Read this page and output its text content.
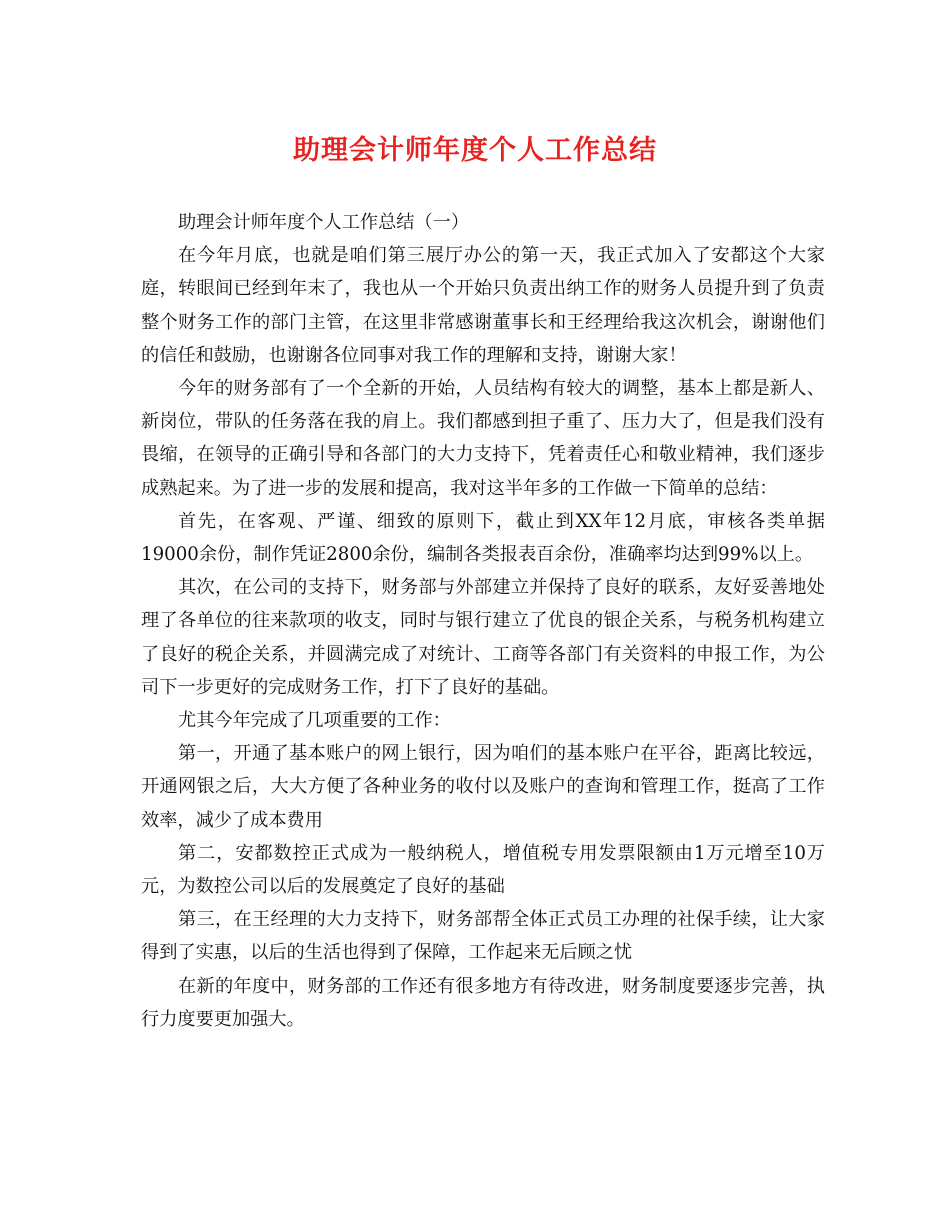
助理会计师年度个人工作总结

助理会计师年度个人工作总结（一）

在今年月底，也就是咱们第三展厅办公的第一天，我正式加入了安都这个大家庭，转眼间已经到年末了，我也从一个开始只负责出纳工作的财务人员提升到了负责整个财务工作的部门主管，在这里非常感谢董事长和王经理给我这次机会，谢谢他们的信任和鼓励，也谢谢各位同事对我工作的理解和支持，谢谢大家！

今年的财务部有了一个全新的开始，人员结构有较大的调整，基本上都是新人、新岗位，带队的任务落在我的肩上。我们都感到担子重了、压力大了，但是我们没有畏缩，在领导的正确引导和各部门的大力支持下，凭着责任心和敬业精神，我们逐步成熟起来。为了进一步的发展和提高，我对这半年多的工作做一下简单的总结：

首先，在客观、严谨、细致的原则下，截止到XX年12月底，审核各类单据19000余份，制作凭证2800余份，编制各类报表百余份，准确率均达到99%以上。

其次，在公司的支持下，财务部与外部建立并保持了良好的联系，友好妥善地处理了各单位的往来款项的收支，同时与银行建立了优良的银企关系，与税务机构建立了良好的税企关系，并圆满完成了对统计、工商等各部门有关资料的申报工作，为公司下一步更好的完成财务工作，打下了良好的基础。

尤其今年完成了几项重要的工作：

第一，开通了基本账户的网上银行，因为咱们的基本账户在平谷，距离比较远，开通网银之后，大大方便了各种业务的收付以及账户的查询和管理工作，挺高了工作效率，减少了成本费用

第二，安都数控正式成为一般纳税人，增值税专用发票限额由1万元增至10万元，为数控公司以后的发展奠定了良好的基础

第三，在王经理的大力支持下，财务部帮全体正式员工办理的社保手续，让大家得到了实惠，以后的生活也得到了保障，工作起来无后顾之忧

在新的年度中，财务部的工作还有很多地方有待改进，财务制度要逐步完善，执行力度要更加强大。
